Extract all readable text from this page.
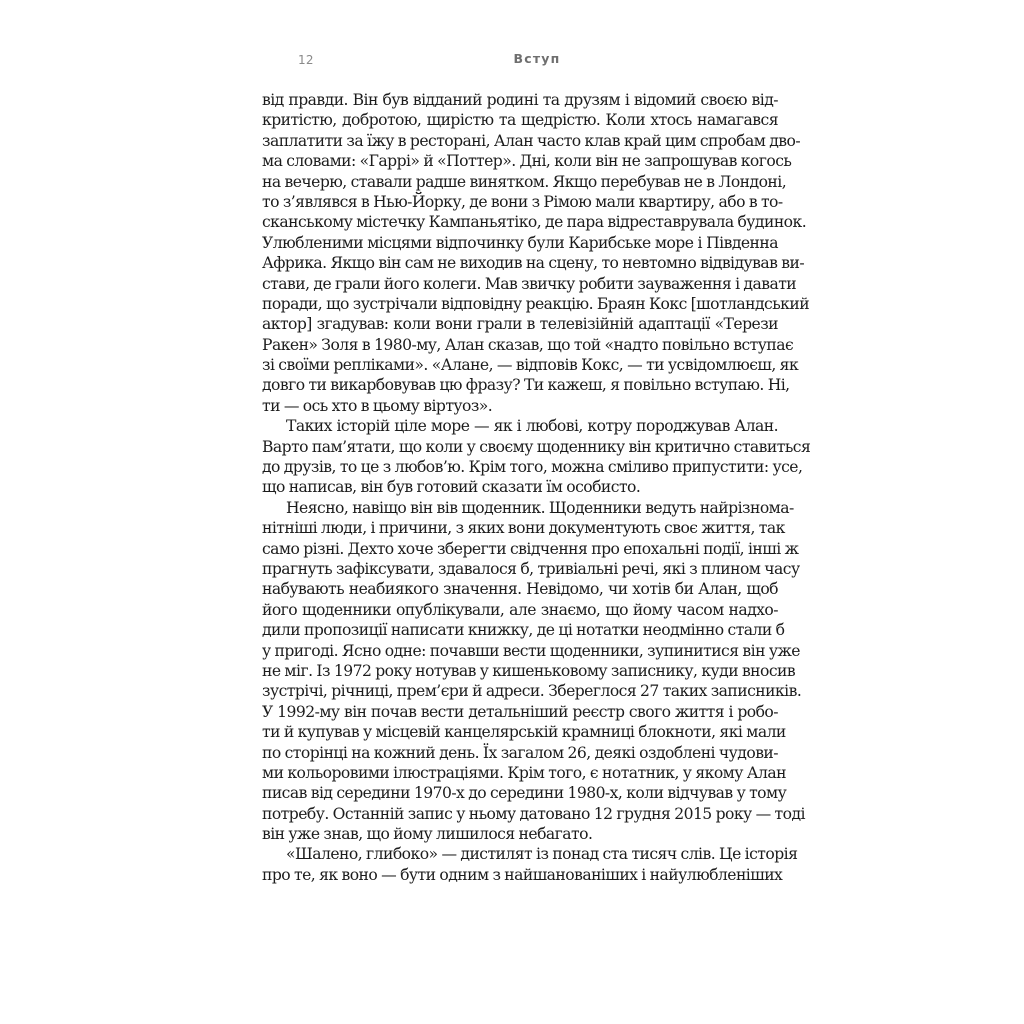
12	Вступ
від правди. Він був відданий родині та друзям і відомий своєю від-
критістю, добротою, щирістю та щедрістю. Коли хтось намагався
заплатити за їжу в ресторані, Алан часто клав край цим спробам дво-
ма словами: «Гаррі» й «Поттер». Дні, коли він не запрошував когось
на вечерю, ставали радше винятком. Якщо перебував не в Лондоні,
то з’являвся в Нью-Йорку, де вони з Рімою мали квартиру, або в то-
сканському містечку Кампаньятіко, де пара відреставрувала будинок.
Улюбленими місцями відпочинку були Карибське море і Південна
Африка. Якщо він сам не виходив на сцену, то невтомно відвідував ви-
стави, де грали його колеги. Мав звичку робити зауваження і давати
поради, що зустрічали відповідну реакцію. Браян Кокс [шотландський
актор] згадував: коли вони грали в телевізійній адаптації «Терези
Ракен» Золя в 1980-му, Алан сказав, що той «надто повільно вступає
зі своїми репліками». «Алане, — відповів Кокс, — ти усвідомлюєш, як
довго ти викарбовував цю фразу? Ти кажеш, я повільно вступаю. Ні,
ти — ось хто в цьому віртуоз».
Таких історій ціле море — як і любові, котру породжував Алан.
Варто пам’ятати, що коли у своєму щоденнику він критично ставиться
до друзів, то це з любов’ю. Крім того, можна сміливо припустити: усе,
що написав, він був готовий сказати їм особисто.
Неясно, навіщо він вів щоденник. Щоденники ведуть найрізнома-
нітніші люди, і причини, з яких вони документують своє життя, так
само різні. Дехто хоче зберегти свідчення про епохальні події, інші ж
прагнуть зафіксувати, здавалося б, тривіальні речі, які з плином часу
набувають неабиякого значення. Невідомо, чи хотів би Алан, щоб
його щоденники опублікували, але знаємо, що йому часом надхо-
дили пропозиції написати книжку, де ці нотатки неодмінно стали б
у пригоді. Ясно одне: почавши вести щоденники, зупинитися він уже
не міг. Із 1972 року нотував у кишеньковому записнику, куди вносив
зустрічі, річниці, прем’єри й адреси. Збереглося 27 таких записників.
У 1992-му він почав вести детальніший реєстр свого життя і робо-
ти й купував у місцевій канцелярській крамниці блокноти, які мали
по сторінці на кожний день. Їх загалом 26, деякі оздоблені чудови-
ми кольоровими ілюстраціями. Крім того, є нотатник, у якому Алан
писав від середини 1970-х до середини 1980-х, коли відчував у тому
потребу. Останній запис у ньому датовано 12 грудня 2015 року — тоді
він уже знав, що йому лишилося небагато.
«Шалено, глибоко» — дистилят із понад ста тисяч слів. Це історія
про те, як воно — бути одним з найшанованіших і найулюбленіших
